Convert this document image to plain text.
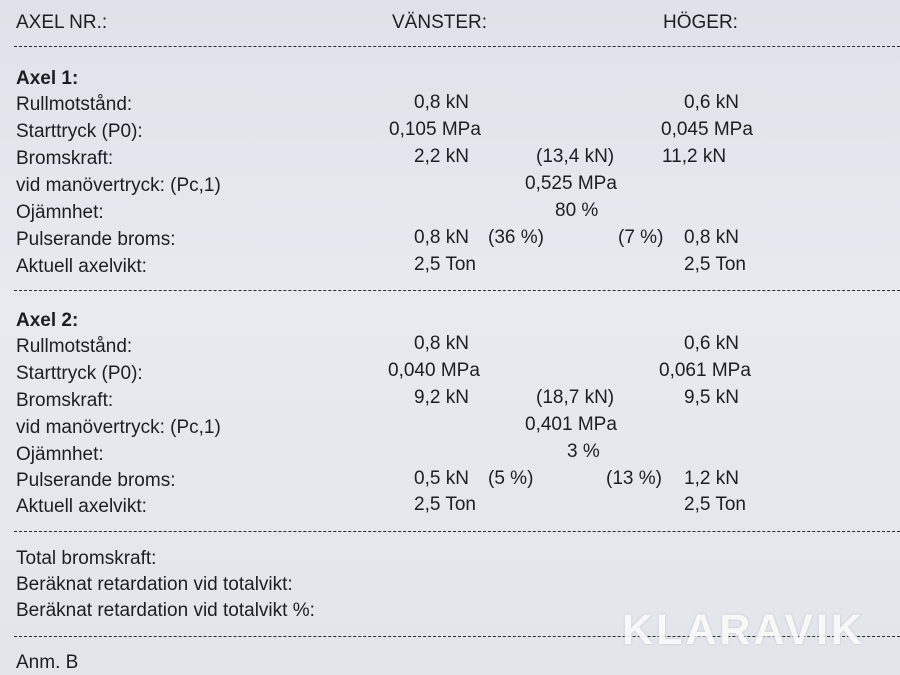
AXEL NR.:	VÄNSTER:	HÖGER:
Axel 1:
Rullmotstånd:	0,8 kN	0,6 kN
Starttryck (P0):	0,105 MPa	0,045 MPa
Bromskraft:	2,2 kN	(13,4 kN)	11,2 kN
vid manövertryck: (Pc,1)	0,525 MPa
Ojämnhet:	80 %
Pulserande broms:	0,8 kN (36 %)	(7 %) 0,8 kN
Aktuell axelvikt:	2,5 Ton	2,5 Ton
Axel 2:
Rullmotstånd:	0,8 kN	0,6 kN
Starttryck (P0):	0,040 MPa	0,061 MPa
Bromskraft:	9,2 kN	(18,7 kN)	9,5 kN
vid manövertryck: (Pc,1)	0,401 MPa
Ojämnhet:	3 %
Pulserande broms:	0,5 kN (5 %)	(13 %) 1,2 kN
Aktuell axelvikt:	2,5 Ton	2,5 Ton
Total bromskraft:
Beräknat retardation vid totalvikt:
Beräknat retardation vid totalvikt %:
Anm. B
KLARAVIK
